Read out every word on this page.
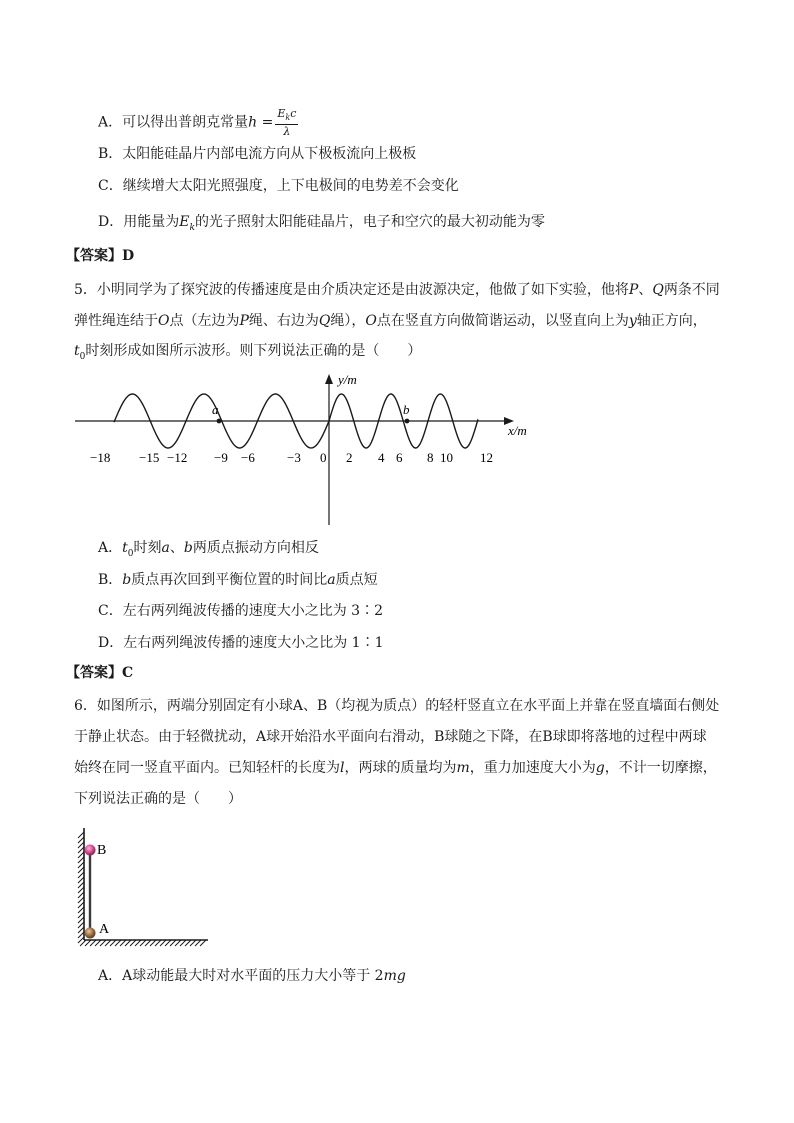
A．可以得出普朗克常量$h = \frac{E_kc}{\lambda}$
B．太阳能硅晶片内部电流方向从下极板流向上极板
C．继续增大太阳光照强度，上下电极间的电势差不会变化
D．用能量为$E_k$的光子照射太阳能硅晶片，电子和空穴的最大初动能为零
【答案】D
5．小明同学为了探究波的传播速度是由介质决定还是由波源决定，他做了如下实验，他将P、Q两条不同
弹性绳连结于O点（左边为P绳、右边为Q绳），O点在竖直方向做简谐运动，以竖直向上为y轴正方向，
$t_0$时刻形成如图所示波形。则下列说法正确的是（　　）
y/m
x/m
−18 −15 −12 −9 −6 −3 0 2 4 6 8 10 12
a	b
A．$t_0$时刻a、b两质点振动方向相反
B．b质点再次回到平衡位置的时间比a质点短
C．左右两列绳波传播的速度大小之比为 3∶2
D．左右两列绳波传播的速度大小之比为 1∶1
【答案】C
6．如图所示，两端分别固定有小球A、B（均视为质点）的轻杆竖直立在水平面上并靠在竖直墙面右侧处
于静止状态。由于轻微扰动，A球开始沿水平面向右滑动，B球随之下降，在B球即将落地的过程中两球
始终在同一竖直平面内。已知轻杆的长度为l，两球的质量均为m，重力加速度大小为g，不计一切摩擦，
下列说法正确的是（　　）
B
A
A．A球动能最大时对水平面的压力大小等于 2mg
